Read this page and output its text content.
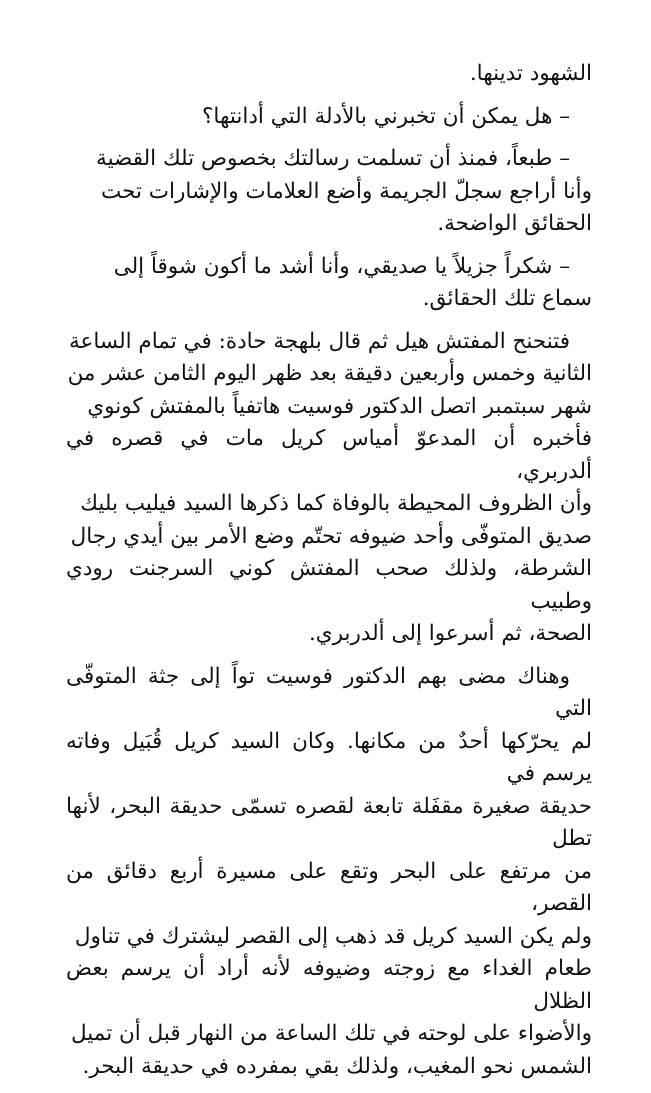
الشهود تدينها.

– هل يمكن أن تخبرني بالأدلة التي أدانتها؟

– طبعاً، فمنذ أن تسلمت رسالتك بخصوص تلك القضية
وأنا أراجع سجلّ الجريمة وأضع العلامات والإشارات تحت
الحقائق الواضحة.

– شكراً جزيلاً يا صديقي، وأنا أشد ما أكون شوقاً إلى
سماع تلك الحقائق.

فتنحنح المفتش هيل ثم قال بلهجة حادة: في تمام الساعة
الثانية وخمس وأربعين دقيقة بعد ظهر اليوم الثامن عشر من
شهر سبتمبر اتصل الدكتور فوسيت هاتفياً بالمفتش كونوي
فأخبره أن المدعوّ أمياس كريل مات في قصره في ألدربري،
وأن الظروف المحيطة بالوفاة كما ذكرها السيد فيليب بليك
صديق المتوفّى وأحد ضيوفه تحتّم وضع الأمر بين أيدي رجال
الشرطة، ولذلك صحب المفتش كوني السرجنت رودي وطبيب
الصحة، ثم أسرعوا إلى ألدربري.

وهناك مضى بهم الدكتور فوسيت تواً إلى جثة المتوفّى التي
لم يحرّكها أحدٌ من مكانها. وكان السيد كريل قُبَيل وفاته يرسم في
حديقة صغيرة مقفَلة تابعة لقصره تسمّى حديقة البحر، لأنها تطل
من مرتفع على البحر وتقع على مسيرة أربع دقائق من القصر،
ولم يكن السيد كريل قد ذهب إلى القصر ليشترك في تناول
طعام الغداء مع زوجته وضيوفه لأنه أراد أن يرسم بعض الظلال
والأضواء على لوحته في تلك الساعة من النهار قبل أن تميل
الشمس نحو المغيب، ولذلك بقي بمفرده في حديقة البحر.
